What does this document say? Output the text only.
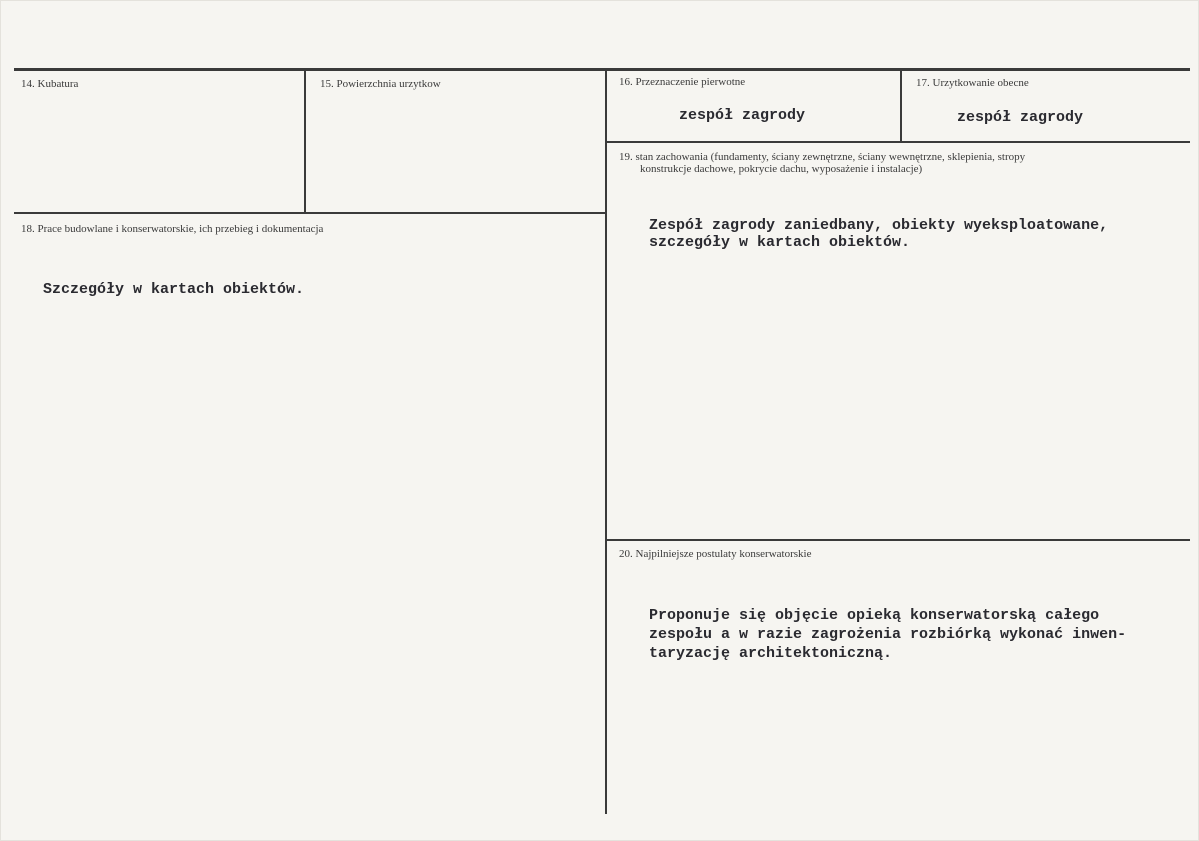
14. Kubatura	15. Powierzchnia urzytkow	16. Przeznaczenie pierwotne
zespół zagrody
17. Urzytkowanie obecne
zespół zagrody
18. Prace budowlane i konserwatorskie, ich przebieg i dokumentacja
Szczegóły w kartach obiektów.
19. stan zachowania (fundamenty, ściany zewnętrzne, ściany wewnętrzne, sklepienia, stropy
konstrukcje dachowe, pokrycie dachu, wyposażenie i instalacje)
Zespół zagrody zaniedbany, obiekty wyeksploatowane,
szczegóły w kartach obiektów.
20. Najpilniejsze postulaty konserwatorskie
Proponuje się objęcie opieką konserwatorską całego
zespołu a w razie zagrożenia rozbiórką wykonać inwen-
taryzację architektoniczną.
